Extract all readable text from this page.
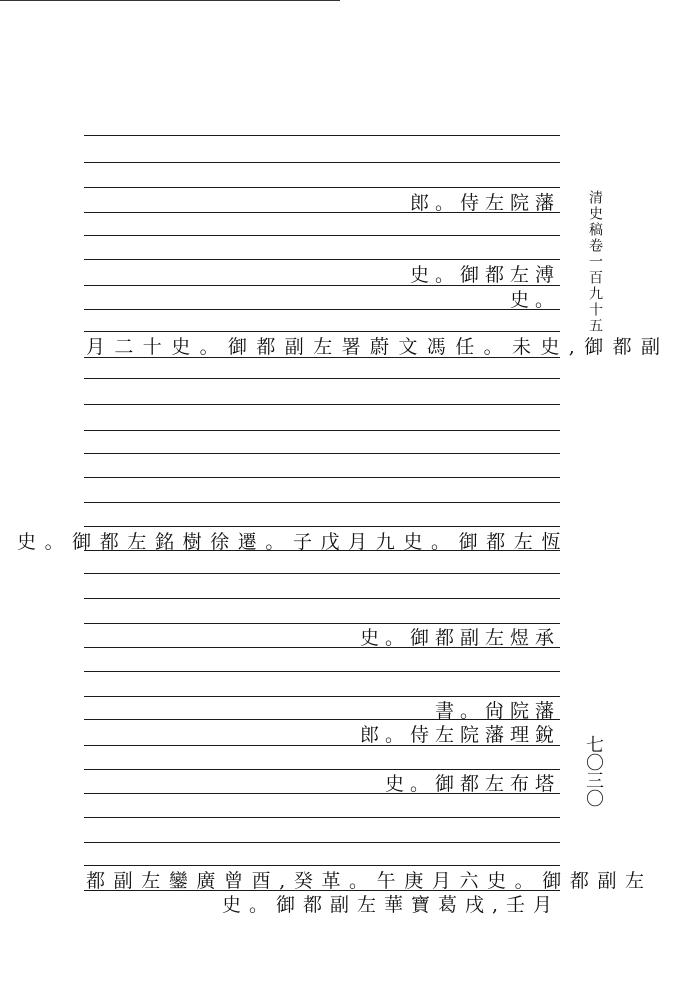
郎。侍左院藩
史。御都左溥
史。
月二十史。御都副左署蔚文馮任。未史,御都副
史。御都左銘樹徐遷。子戊月九史。御都左恆
史。御都副左煜承
書。尙院藩
郎。侍左院藩理銳
史。御都左布塔
都副左鑾廣曾酉,癸革。午庚月六史。御都副左
史。御都副左華寶葛戌,壬月
清史稿卷一百九十五
七〇三〇
